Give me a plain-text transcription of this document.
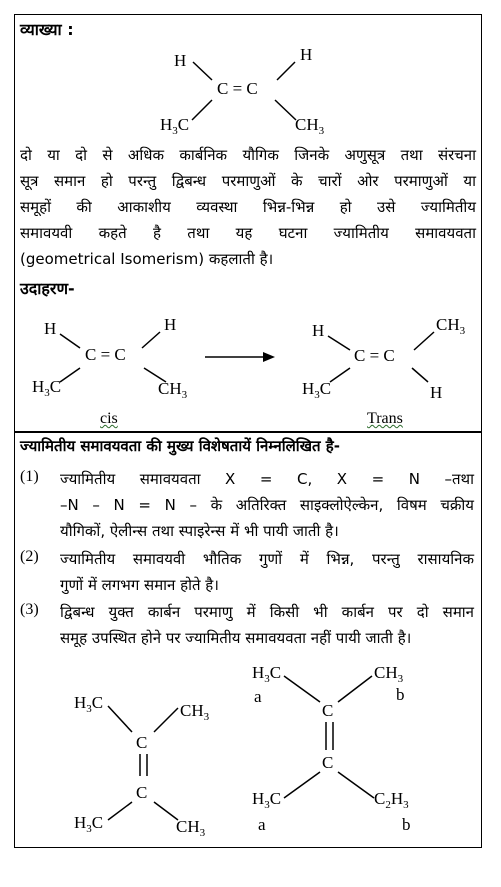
व्याख्या :
H	H
C = C
$H_3C$	$CH_3$
दो या दो से अधिक कार्बनिक यौगिक जिनके अणुसूत्र तथा संरचना
सूत्र समान हो परन्तु द्विबन्ध परमाणुओं के चारों ओर परमाणुओं या
समूहों की आकाशीय व्यवस्था भिन्न-भिन्न हो उसे ज्यामितीय
समावयवी कहते है तथा यह घटना ज्यामितीय समावयवता
(geometrical Isomerism) कहलाती है।
उदाहरण-
H	H
C = C
$H_3C$	$CH_3$
H	$CH_3$
C = C
$H_3C$	H
cis	Trans
ज्यामितीय समावयवता की मुख्य विशेषतायें निम्नलिखित है-
(1) ज्यामितीय समावयवता X = C, X = N –तथा
–N – N = N – के अतिरिक्त साइक्लोऐल्केन, विषम चक्रीय
यौगिकों, ऐलीन्स तथा स्पाइरेन्स में भी पायी जाती है।
(2) ज्यामितीय समावयवी भौतिक गुणों में भिन्न, परन्तु रासायनिक
गुणों में लगभग समान होते है।
(3) द्विबन्ध युक्त कार्बन परमाणु में किसी भी कार्बन पर दो समान
समूह उपस्थित होने पर ज्यामितीय समावयवता नहीं पायी जाती है।
$H_3C$	$CH_3$
C
C
$H_3C$	$CH_3$
$H_3C$	$CH_3$
a	b
C
C
$H_3C$	$C_2H_3$
a	b
